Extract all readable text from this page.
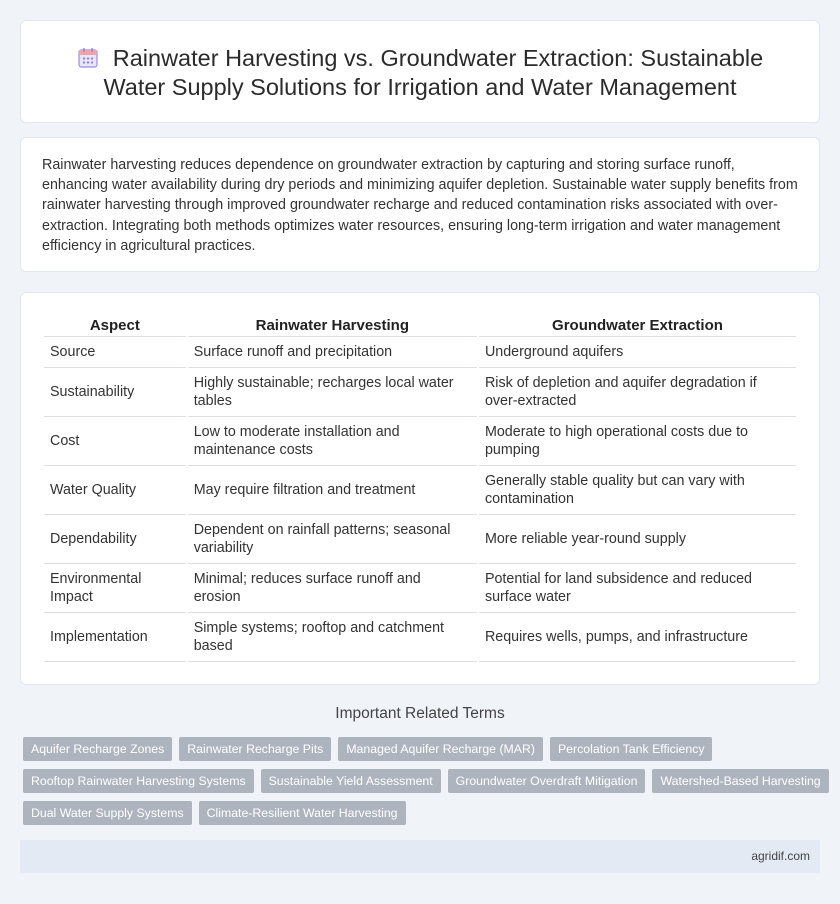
Rainwater Harvesting vs. Groundwater Extraction: Sustainable Water Supply Solutions for Irrigation and Water Management

Rainwater harvesting reduces dependence on groundwater extraction by capturing and storing surface runoff, enhancing water availability during dry periods and minimizing aquifer depletion. Sustainable water supply benefits from rainwater harvesting through improved groundwater recharge and reduced contamination risks associated with over-extraction. Integrating both methods optimizes water resources, ensuring long-term irrigation and water management efficiency in agricultural practices.

Aspect	Rainwater Harvesting	Groundwater Extraction
Source	Surface runoff and precipitation	Underground aquifers
Sustainability	Highly sustainable; recharges local water tables	Risk of depletion and aquifer degradation if over-extracted
Cost	Low to moderate installation and maintenance costs	Moderate to high operational costs due to pumping
Water Quality	May require filtration and treatment	Generally stable quality but can vary with contamination
Dependability	Dependent on rainfall patterns; seasonal variability	More reliable year-round supply
Environmental Impact	Minimal; reduces surface runoff and erosion	Potential for land subsidence and reduced surface water
Implementation	Simple systems; rooftop and catchment based	Requires wells, pumps, and infrastructure
Important Related Terms
Aquifer Recharge Zones	Rainwater Recharge Pits	Managed Aquifer Recharge (MAR)	Percolation Tank Efficiency
Rooftop Rainwater Harvesting Systems	Sustainable Yield Assessment	Groundwater Overdraft Mitigation	Watershed-Based Harvesting
Dual Water Supply Systems	Climate-Resilient Water Harvesting
agridif.com
